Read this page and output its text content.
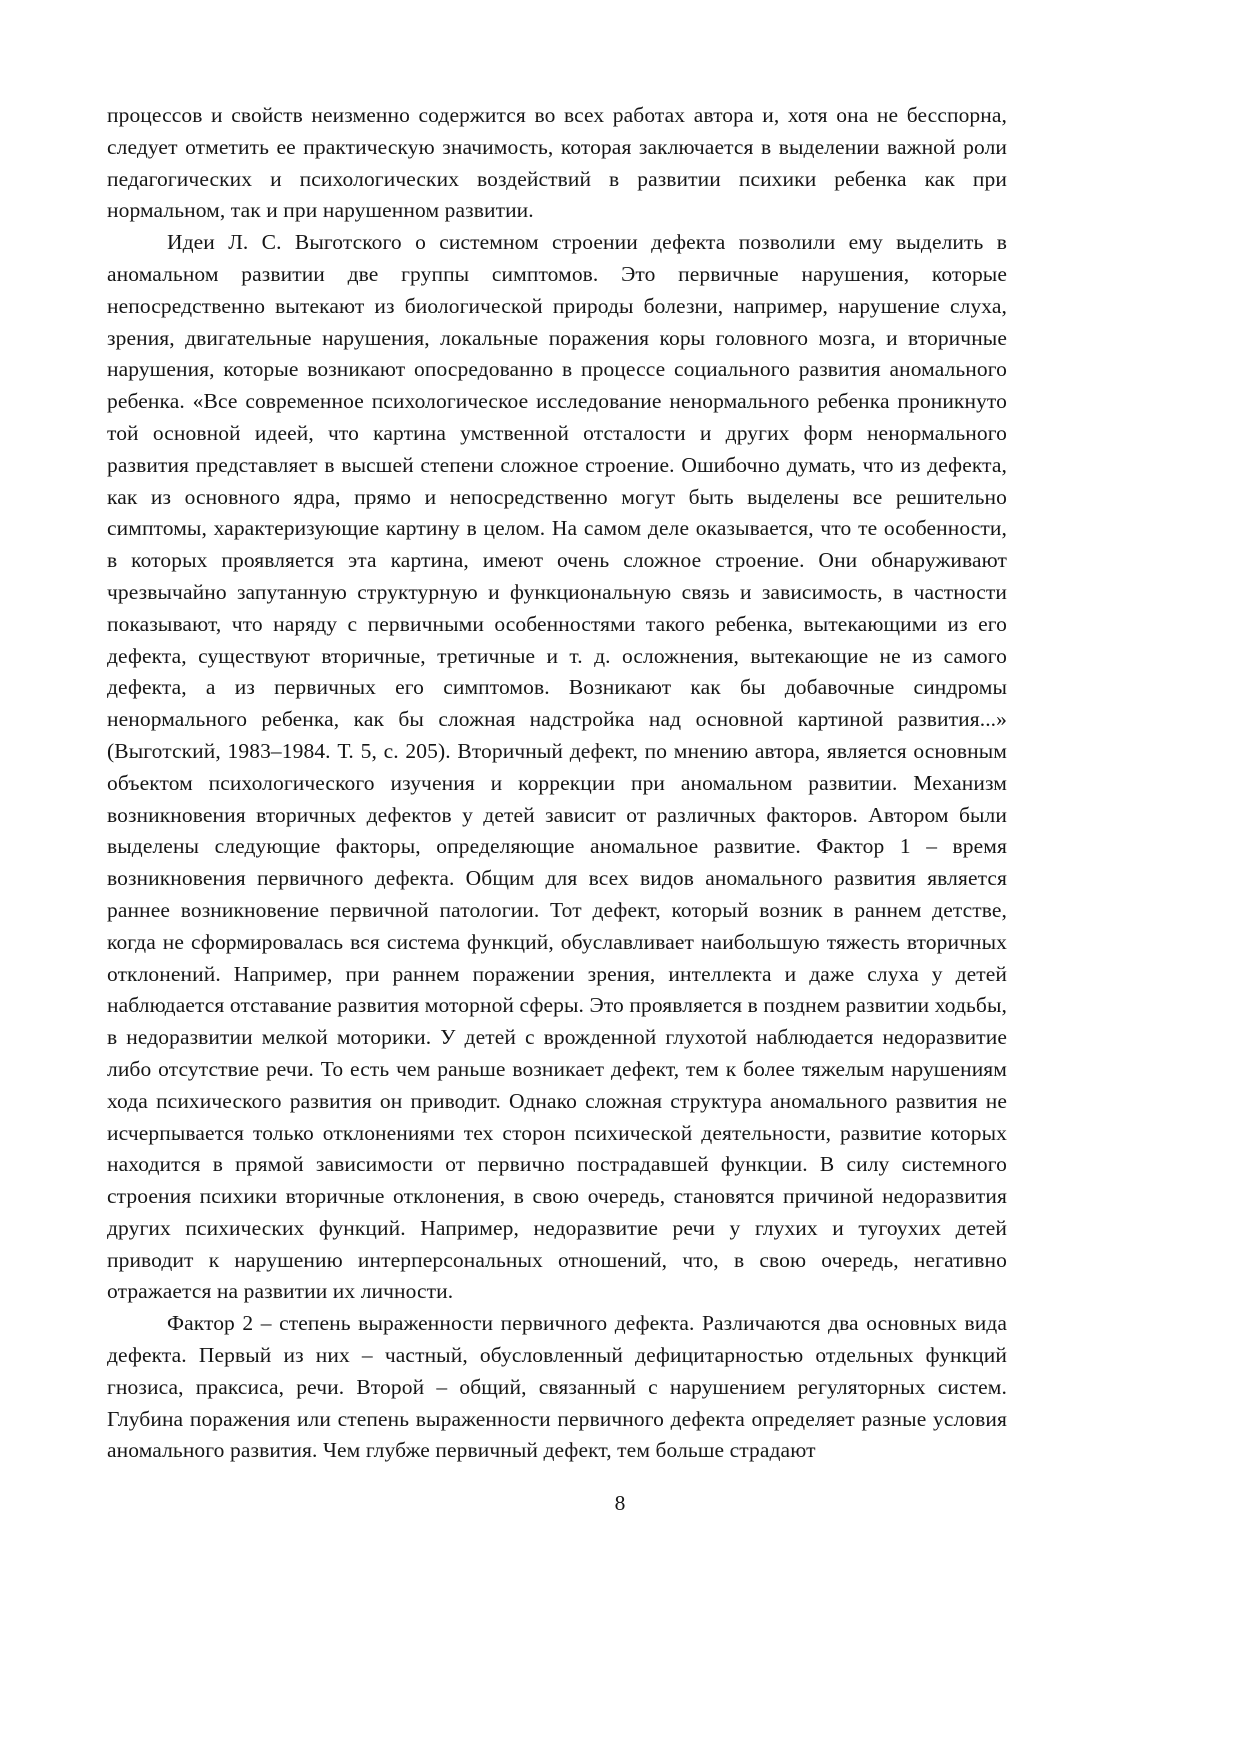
процессов и свойств неизменно содержится во всех работах автора и, хотя она не бесспорна, следует отметить ее практическую значимость, которая заключается в выделении важной роли педагогических и психологических воздействий в развитии психики ребенка как при нормальном, так и при нарушенном развитии.

Идеи Л. С. Выготского о системном строении дефекта позволили ему выделить в аномальном развитии две группы симптомов. Это первичные нарушения, которые непосредственно вытекают из биологической природы болезни, например, нарушение слуха, зрения, двигательные нарушения, локальные поражения коры головного мозга, и вторичные нарушения, которые возникают опосредованно в процессе социального развития аномального ребенка. «Все современное психологическое исследование ненормального ребенка проникнуто той основной идеей, что картина умственной отсталости и других форм ненормального развития представляет в высшей степени сложное строение. Ошибочно думать, что из дефекта, как из основного ядра, прямо и непосредственно могут быть выделены все решительно симптомы, характеризующие картину в целом. На самом деле оказывается, что те особенности, в которых проявляется эта картина, имеют очень сложное строение. Они обнаруживают чрезвычайно запутанную структурную и функциональную связь и зависимость, в частности показывают, что наряду с первичными особенностями такого ребенка, вытекающими из его дефекта, существуют вторичные, третичные и т. д. осложнения, вытекающие не из самого дефекта, а из первичных его симптомов. Возникают как бы добавочные синдромы ненормального ребенка, как бы сложная надстройка над основной картиной развития...» (Выготский, 1983–1984. Т. 5, с. 205). Вторичный дефект, по мнению автора, является основным объектом психологического изучения и коррекции при аномальном развитии. Механизм возникновения вторичных дефектов у детей зависит от различных факторов. Автором были выделены следующие факторы, определяющие аномальное развитие. Фактор 1 – время возникновения первичного дефекта. Общим для всех видов аномального развития является раннее возникновение первичной патологии. Тот дефект, который возник в раннем детстве, когда не сформировалась вся система функций, обуславливает наибольшую тяжесть вторичных отклонений. Например, при раннем поражении зрения, интеллекта и даже слуха у детей наблюдается отставание развития моторной сферы. Это проявляется в позднем развитии ходьбы, в недоразвитии мелкой моторики. У детей с врожденной глухотой наблюдается недоразвитие либо отсутствие речи. То есть чем раньше возникает дефект, тем к более тяжелым нарушениям хода психического развития он приводит. Однако сложная структура аномального развития не исчерпывается только отклонениями тех сторон психической деятельности, развитие которых находится в прямой зависимости от первично пострадавшей функции. В силу системного строения психики вторичные отклонения, в свою очередь, становятся причиной недоразвития других психических функций. Например, недоразвитие речи у глухих и тугоухих детей приводит к нарушению интерперсональных отношений, что, в свою очередь, негативно отражается на развитии их личности.

Фактор 2 – степень выраженности первичного дефекта. Различаются два основных вида дефекта. Первый из них – частный, обусловленный дефицитарностью отдельных функций гнозиса, праксиса, речи. Второй – общий, связанный с нарушением регуляторных систем. Глубина поражения или степень выраженности первичного дефекта определяет разные условия аномального развития. Чем глубже первичный дефект, тем больше страдают

8
